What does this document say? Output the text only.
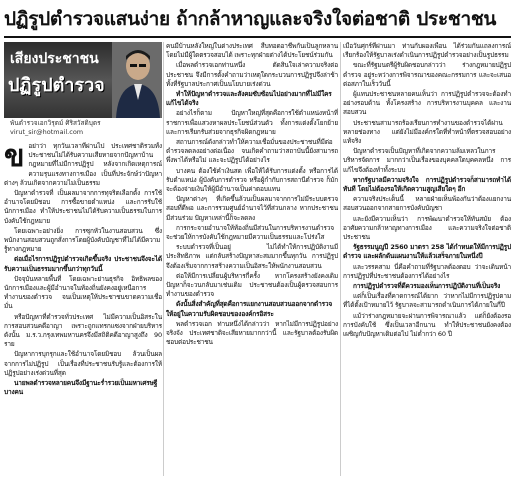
ปฏิรูปตำรวจแสนง่าย ถ้ากล้าหาญและจริงใจต่อชาติ ประชาชน
เสียงประชาชน
ปฏิรูปตำรวจ
พันตำรวจเอกวิรุตม์ ศิริสวัสดิบุตร
virut_sir@hotmail.com
ข อย่าว่า ทุกวันเวลาที่ผ่านไป ประเทศชาติรวมทั้งประชาชนไม่ได้รับความเสียหายจากปัญหาบ้านกฎหมายที่ไม่มีการปฏิรูป หลังจากเกิดเหตุการณ์ความรุนแรงทางการเมือง เป็นที่ประจักษ์ว่าปัญหาต่างๆ ล้วนเกิดจากความไม่เป็นธรรม

ปัญหาตำรวจที่ เป็นผลมาจากการทุจริตเลือกตั้ง การใช้อำนาจโดยมิชอบ การซื้อขายตำแหน่ง และการรับใช้นักการเมือง ทำให้ประชาชนไม่ได้รับความเป็นธรรมในการบังคับใช้กฎหมาย

โดยเฉพาะอย่างยิ่ง การซุกหัวในงานสอบสวน ซึ่งพนักงานสอบสวนถูกสั่งการโดยผู้บังคับบัญชาที่ไม่ได้มีความรู้ทางกฎหมาย

ต่อเมื่อไรการปฏิรูปตำรวจเกิดขึ้นจริง ประชาชนจึงจะได้รับความเป็นธรรมมากขึ้นกว่าทุกวันนี้

ปัจจุบันหลายพื้นที่ โดยเฉพาะย่านธุรกิจ อิทธิพลของนักการเมืองและผู้มีอำนาจในท้องถิ่นยังคงอยู่เหนือการทำงานของตำรวจ จนเป็นเหตุให้ประชาชนขาดความเชื่อมั่น

หรือปัญหาที่ตำรวจทั่วประเทศ ไม่มีความเป็นอิสระในการสอบสวนคดีอาญา เพราะถูกแทรกแซงจากฝ่ายบริหาร ดังนั้น ม.ร.ว.กรุงเทพมหานครจึงมีสถิติคดีอาญาสูงถึง 90 ราย

ปัญหาการบุกรุกและใช้อำนาจโดยมิชอบ ล้วนเป็นผลจากการไม่ปฏิรูป เป็นเรื่องที่ประชาชนรับรู้และต้องการให้ปฏิรูปอย่างเร่งด่วนที่สุด

นายพลตำรวจหลายคนจึงมีฐานะร่ำรวยเป็นมหาเศรษฐี บางคน

คนมีบ้านหลังใหญ่ในต่างประเทศ สืบทอดอาชีพกันเป็นลูกหลาน โดยไม่มีผู้ใดตรวจสอบได้ เพราะทุกฝ่ายต่างได้ประโยชน์ร่วมกัน

เมื่อพลตำรวจเอกท่านหนึ่ง ตัดสินใจเล่าความจริงต่อประชาชน จึงมีการตั้งคำถามว่าเหตุใดกระบวนการปฏิรูปจึงล่าช้า ทั้งที่รัฐบาลประกาศเป็นนโยบายเร่งด่วน

ทำให้ปัญหาตำรวจและสังคมซับซ้อนไปอย่างมากที่ไม่มีใครแก้ไขได้จริง

อย่างไรก็ตาม ปัญหาใหญ่ที่สุดคือการใช้ตำแหน่งหน้าที่ราชการเพื่อแสวงหาผลประโยชน์ส่วนตัว ทั้งการแต่งตั้งโยกย้าย และการเรียกรับส่วยจากธุรกิจผิดกฎหมาย

สถานการณ์ดังกล่าวทำให้ความเชื่อมั่นของประชาชนที่มีต่อตำรวจลดลงอย่างต่อเนื่อง จนเกิดคำถามว่าสถาบันนี้ยังสามารถพึ่งพาได้หรือไม่ และจะปฏิรูปได้อย่างไร

บางคน ต้องใช้คำเงินสด เพื่อให้ได้รับการแต่งตั้ง หรือการได้รับตำแหน่ง ผู้บังคับการตำรวจ หรือผู้กำกับการสถานีตำรวจ ก็มักจะต้องจ่ายเงินให้ผู้มีอำนาจเป็นค่าตอบแทน

ปัญหาต่างๆ ที่เกิดขึ้นล้วนเป็นผลมาจากการไม่มีระบบตรวจสอบที่ดีพอ และการรวมศูนย์อำนาจไว้ที่ส่วนกลาง หากประชาชนมีส่วนร่วม ปัญหาเหล่านี้ก็จะลดลง

การกระจายอำนาจให้ท้องถิ่นมีส่วนในการบริหารงานตำรวจ จะช่วยให้การบังคับใช้กฎหมายมีความเป็นธรรมและโปร่งใส

ระบบตำรวจที่เป็นอยู่ ไม่ได้ทำให้การปฏิบัติงานมีประสิทธิภาพ แต่กลับสร้างปัญหาสะสมมากขึ้นทุกวัน การปฏิรูปจึงต้องเริ่มจากการสร้างความเป็นอิสระให้พนักงานสอบสวน

ต่อให้มีการเปลี่ยนผู้บริหารกี่ครั้ง หากโครงสร้างยังคงเดิม ปัญหาก็จะวนกลับมาเช่นเดิม ประชาชนต้องเป็นผู้ตรวจสอบการทำงานของตำรวจ

ดังนั้นสิ่งสำคัญที่สุดคือการแยกงานสอบสวนออกจากตำรวจ ให้อยู่ในความรับผิดชอบขององค์กรอิสระ

พลตำรวจเอก ท่านหนึ่งได้กล่าวว่า หากไม่มีการปฏิรูปอย่างจริงจัง ประเทศชาติจะเสียหายมากกว่านี้ และรัฐบาลต้องรับผิดชอบต่อประชาชน

เมื่อวันศุกร์ที่ผ่านมา ท่านกับผองเพื่อน ได้ร่วมกันแถลงการณ์ เรียกร้องให้รัฐบาลเร่งดำเนินการปฏิรูปตำรวจอย่างเป็นรูปธรรม

ขณะที่รัฐมนตรีผู้รับผิดชอบกล่าวว่า ร่างกฎหมายปฏิรูปตำรวจ อยู่ระหว่างการพิจารณาของคณะกรรมการ และจะเสนอต่อสภาในเร็ววันนี้

ผู้แทนประชาชนหลายคนเห็นว่า การปฏิรูปตำรวจจะต้องทำอย่างรอบด้าน ทั้งโครงสร้าง การบริหารงานบุคคล และงานสอบสวน

ประชาชนสามารถร้องเรียนการทำงานของตำรวจได้ผ่านหลายช่องทาง แต่ยังไม่มีองค์กรใดที่ทำหน้าที่ตรวจสอบอย่างแท้จริง

ปัญหาตำรวจเป็นปัญหาที่เกิดจากความล้มเหลวในการบริหารจัดการ มากกว่าเป็นเรื่องของบุคคลใดบุคคลหนึ่ง การแก้ไขจึงต้องทำทั้งระบบ

หากรัฐบาลมีความจริงใจ การปฏิรูปตำรวจก็สามารถทำได้ทันที โดยไม่ต้องรอให้เกิดความสูญเสียใดๆ อีก

ความจริงประเด็นนี้ หลายฝ่ายเห็นพ้องกันว่าต้องแยกงานสอบสวนออกจากสายการบังคับบัญชา

และยังมีความเห็นว่า การพัฒนาตำรวจให้ทันสมัย ต้องอาศัยความกล้าหาญทางการเมือง และความจริงใจต่อชาติ ประชาชน

รัฐธรรมนูญปี 2560 มาตรา 258 ได้กำหนดให้มีการปฏิรูปตำรวจ และผลักดันแผนงานให้แล้วเสร็จภายในหนึ่งปี

และวรรคสาม นี่คือคำถามที่รัฐบาลต้องตอบ ว่าจะเดินหน้าการปฏิรูปที่ประชาชนต้องการได้อย่างไร

การปฏิรูปตำรวจที่ดีควรมองเห็นการปฏิบัติงานที่เป็นจริง

แต่ก็เป็นเรื่องที่คาดการณ์ได้ยาก ว่าหากไม่มีการปฏิรูปตามที่ได้ตั้งเป้าหมายไว้ รัฐบาลจะสามารถดำเนินการได้ภายในกี่ปี

แม้ว่าร่างกฎหมายจะผ่านการพิจารณาแล้ว แต่ก็ยังต้องรอการบังคับใช้ ซึ่งเป็นเวลาอีกนาน ทำให้ประชาชนยังคงต้องเผชิญกับปัญหาเดิมต่อไป ไม่ต่ำกว่า 60 ปี
